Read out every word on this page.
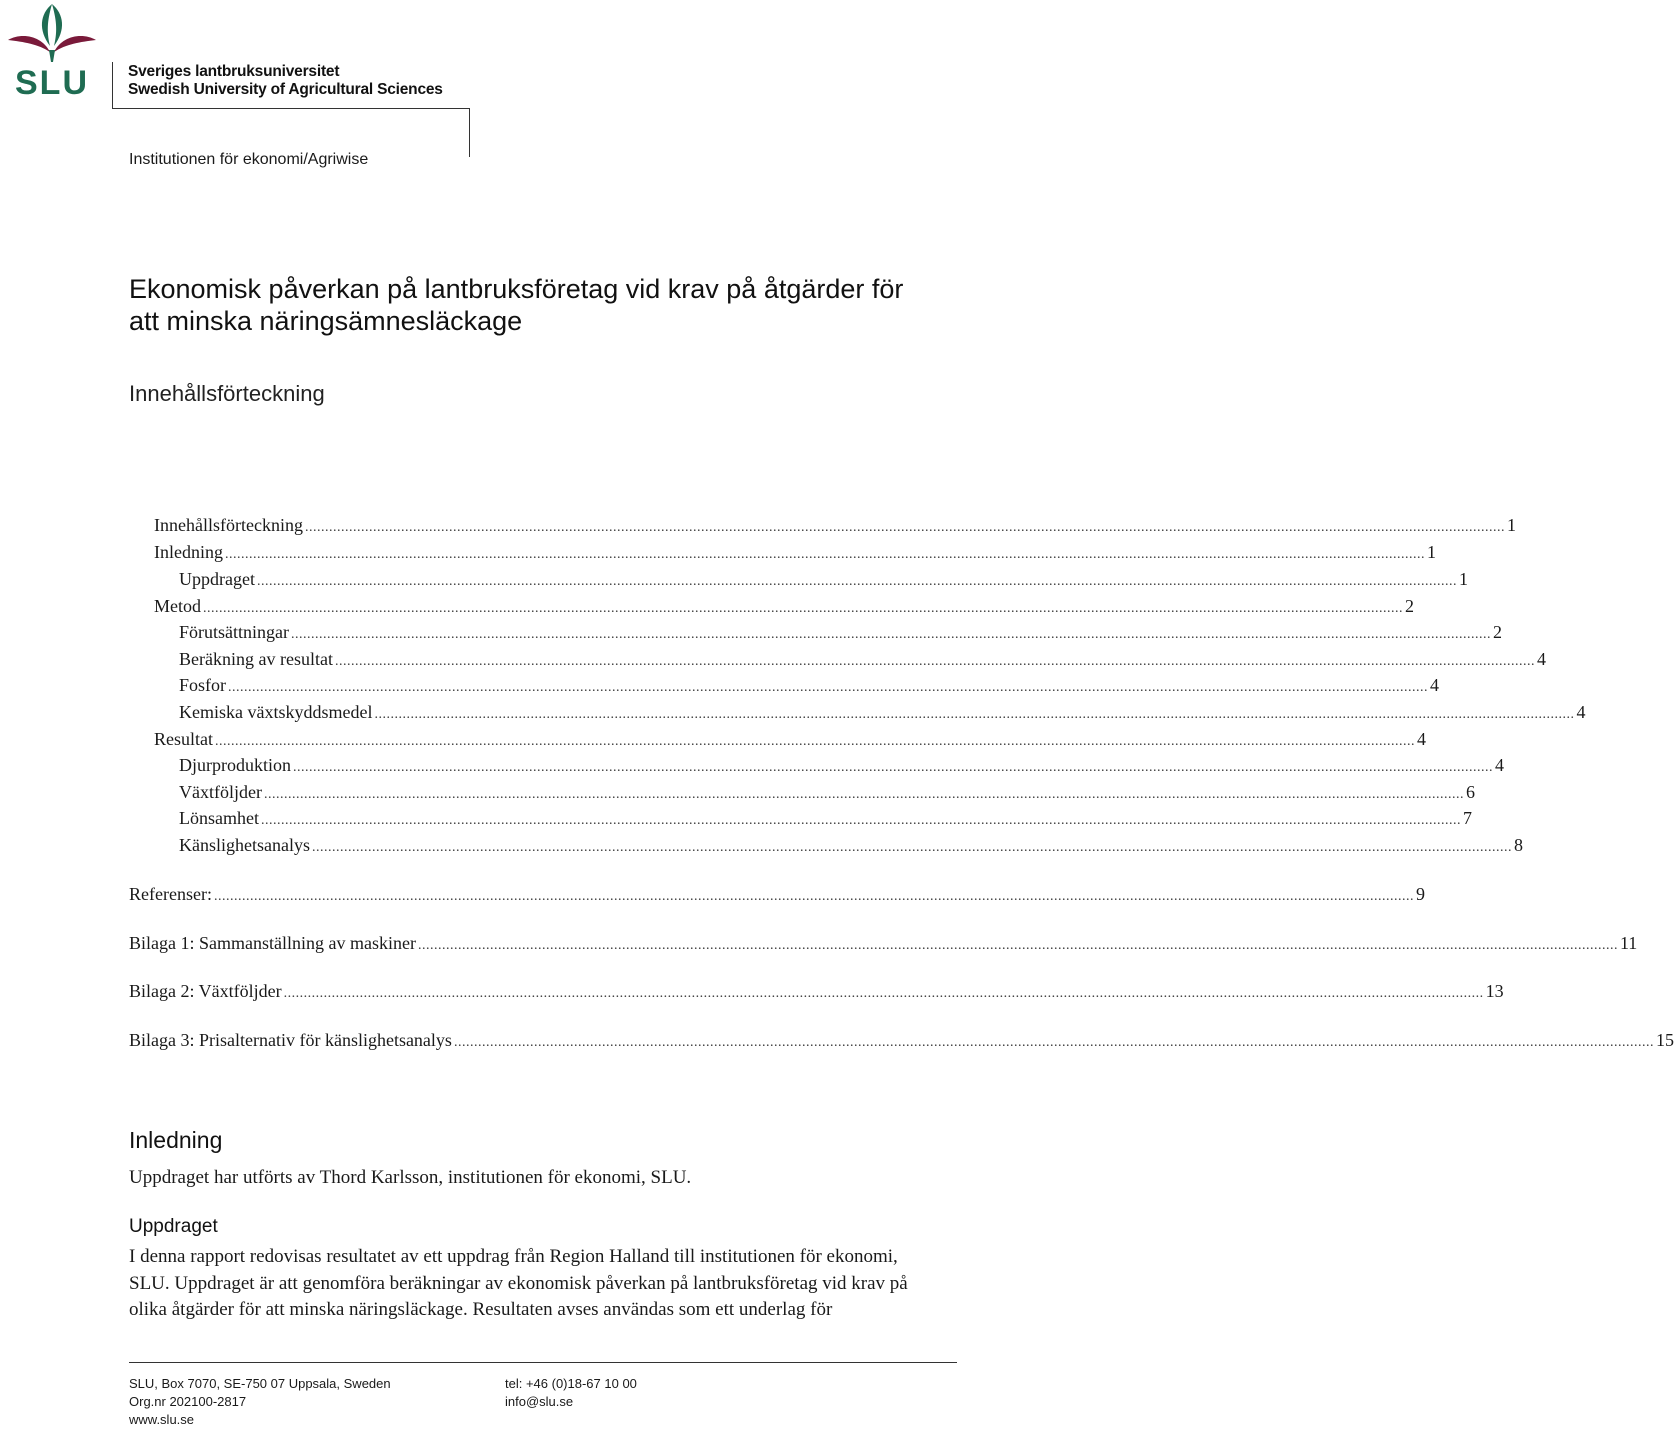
SLU	Sveriges lantbruksuniversitet
Swedish University of Agricultural Sciences
Institutionen för ekonomi/Agriwise
Ekonomisk påverkan på lantbruksföretag vid krav på åtgärder för
att minska näringsämnesläckage
Innehållsförteckning
Innehållsförteckning ............................................................................................................................................................................................................................................................................................................ 1
Inledning ............................................................................................................................................................................................................................................................................................................ 1
Uppdraget ............................................................................................................................................................................................................................................................................................................ 1
Metod ............................................................................................................................................................................................................................................................................................................ 2
Förutsättningar ............................................................................................................................................................................................................................................................................................................ 2
Beräkning av resultat ............................................................................................................................................................................................................................................................................................................ 4
Fosfor ............................................................................................................................................................................................................................................................................................................ 4
Kemiska växtskyddsmedel ............................................................................................................................................................................................................................................................................................................ 4
Resultat ............................................................................................................................................................................................................................................................................................................ 4
Djurproduktion ............................................................................................................................................................................................................................................................................................................ 4
Växtföljder ............................................................................................................................................................................................................................................................................................................ 6
Lönsamhet ............................................................................................................................................................................................................................................................................................................ 7
Känslighetsanalys ............................................................................................................................................................................................................................................................................................................ 8
Referenser: ............................................................................................................................................................................................................................................................................................................ 9
Bilaga 1: Sammanställning av maskiner ............................................................................................................................................................................................................................................................................................................ 11
Bilaga 2: Växtföljder ............................................................................................................................................................................................................................................................................................................ 13
Bilaga 3: Prisalternativ för känslighetsanalys ............................................................................................................................................................................................................................................................................................................ 15
Inledning
Uppdraget har utförts av Thord Karlsson, institutionen för ekonomi, SLU.
Uppdraget
I denna rapport redovisas resultatet av ett uppdrag från Region Halland till institutionen för ekonomi,
SLU. Uppdraget är att genomföra beräkningar av ekonomisk påverkan på lantbruksföretag vid krav på
olika åtgärder för att minska näringsläckage. Resultaten avses användas som ett underlag för
SLU, Box 7070, SE-750 07 Uppsala, Sweden
Org.nr 202100-2817
www.slu.se
tel: +46 (0)18-67 10 00
info@slu.se
